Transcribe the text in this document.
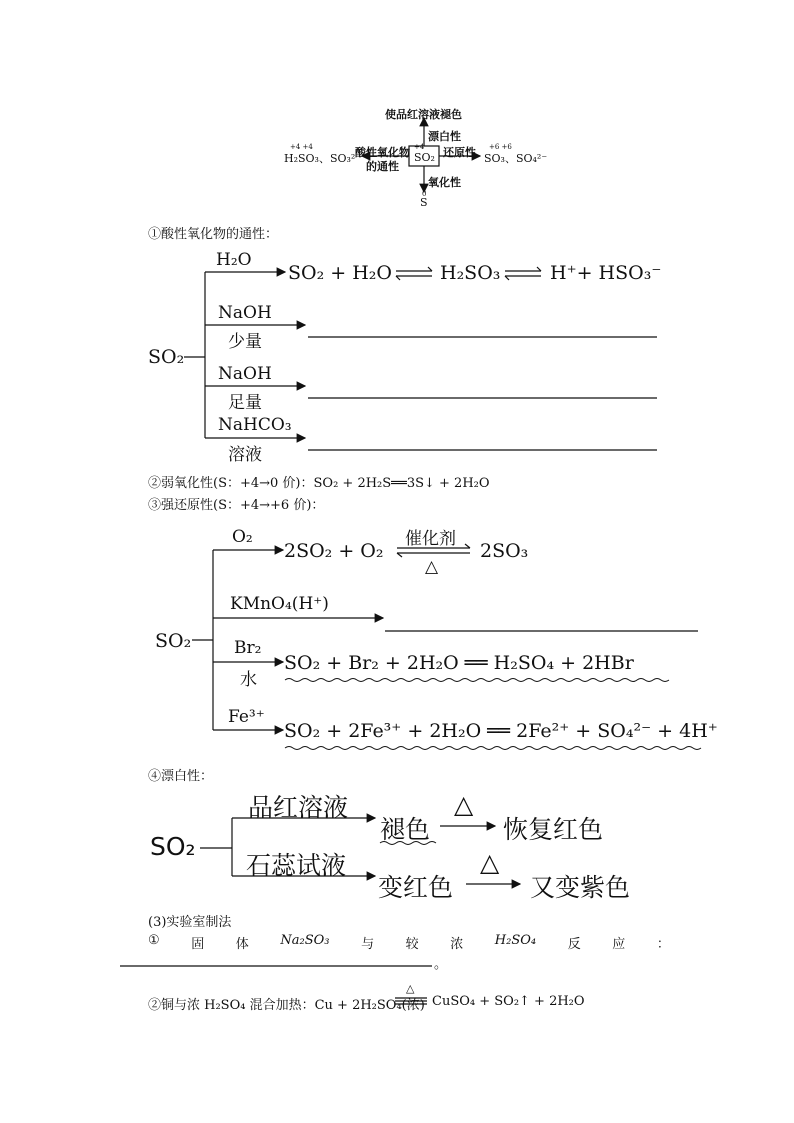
使品红溶液褪色
漂白性
酸性氧化物
的通性
还原性
氧化性
+4
SO₂
+4 +4
H₂SO₃、SO₃²⁻
+6 +6
SO₃、SO₄²⁻
0
S
①酸性氧化物的通性：
SO₂
H₂O
SO₂ + H₂O	H₂SO₃	H⁺+ HSO₃⁻
NaOH
少量
NaOH
足量
NaHCO₃
溶液
②弱氧化性(S：+4→0 价)：SO₂ + 2H₂S══3S↓ + 2H₂O
③强还原性(S：+4→+6 价)：
SO₂
O₂
2SO₂ + O₂
催化剂
△
2SO₃
KMnO₄(H⁺)
Br₂
水
SO₂ + Br₂ + 2H₂O ══ H₂SO₄ + 2HBr
Fe³⁺
SO₂ + 2Fe³⁺ + 2H₂O ══ 2Fe²⁺ + SO₄²⁻ + 4H⁺
④漂白性：
SO₂
品红溶液
褪色
△
恢复红色
石蕊试液
变红色
△
又变紫色
(3)实验室制法
① 固 体 Na₂SO₃ 与 较 浓 H₂SO₄ 反 应 ：
。
②铜与浓 H₂SO₄ 混合加热：Cu + 2H₂SO₄(浓)
△
CuSO₄ + SO₂↑ + 2H₂O
